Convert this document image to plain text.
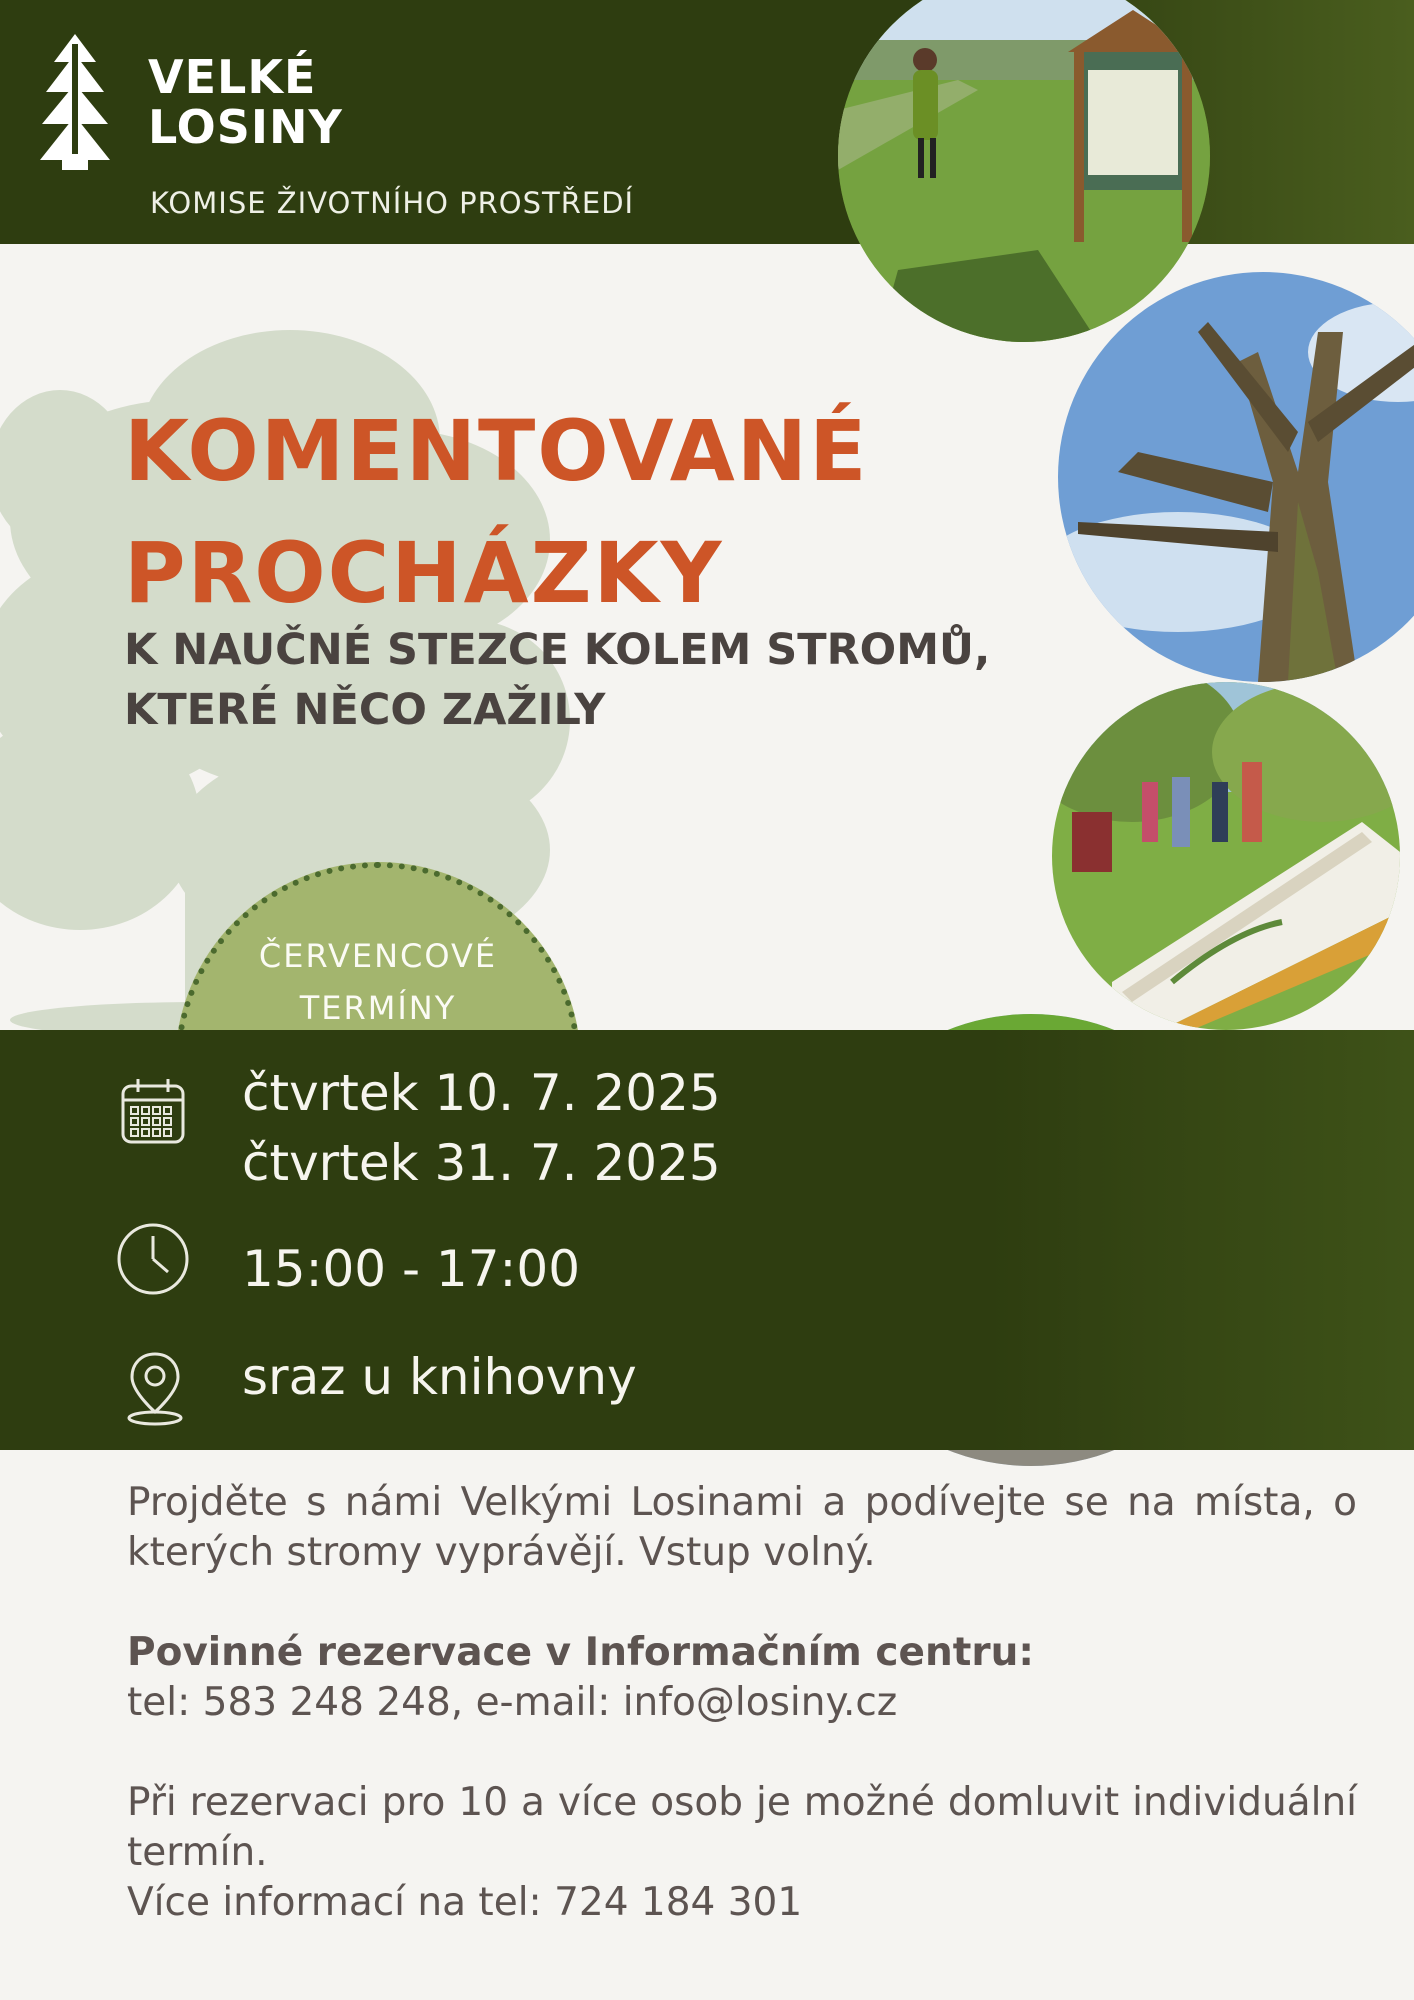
VELKÉ
LOSINY
KOMISE ŽIVOTNÍHO PROSTŘEDÍ
KOMENTOVANÉ
PROCHÁZKY
K NAUČNÉ STEZCE KOLEM STROMŮ,
KTERÉ NĚCO ZAŽILY
ČERVENCOVÉ
TERMÍNY
čtvrtek 10. 7. 2025
čtvrtek 31. 7. 2025
15:00 - 17:00
sraz u knihovny
Projděte s námi Velkými Losinami a podívejte se na místa, o kterých stromy vyprávějí. Vstup volný.
Povinné rezervace v Informačním centru:
tel: 583 248 248, e-mail: info@losiny.cz
Při rezervaci pro 10 a více osob je možné domluvit individuální termín.
Více informací na tel: 724 184 301
